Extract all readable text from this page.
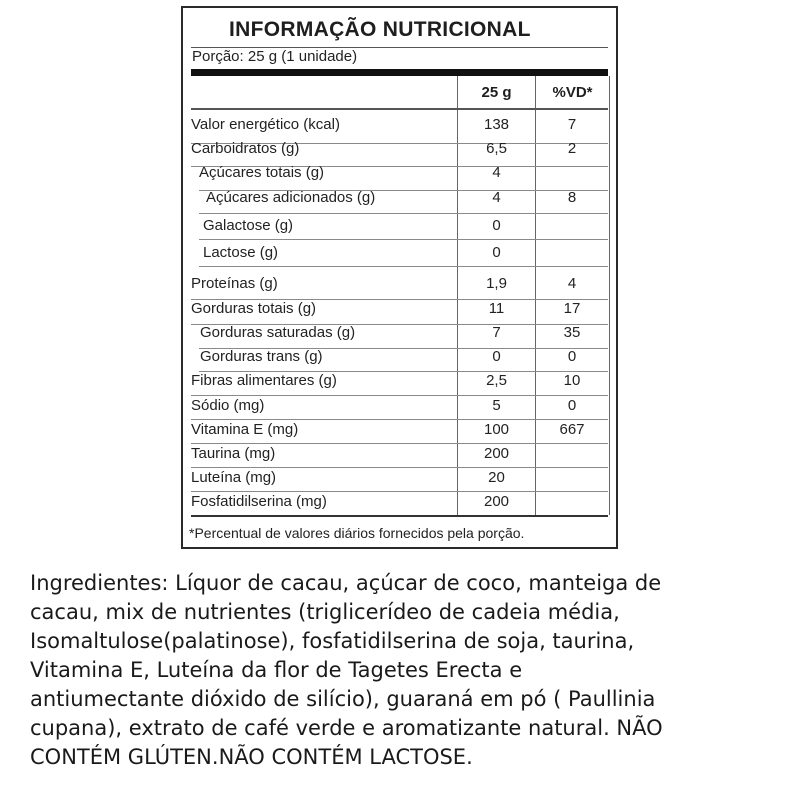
INFORMAÇÃO NUTRICIONAL
Porção: 25 g (1 unidade)
25 g	%VD*
Valor energético (kcal)	138	7
Carboidratos (g)	6,5	2
Açúcares totais (g)	4
Açúcares adicionados (g)	4	8
Galactose (g)	0
Lactose (g)	0
Proteínas (g)	1,9	4
Gorduras totais (g)	11	17
Gorduras saturadas (g)	7	35
Gorduras trans (g)	0	0
Fibras alimentares (g)	2,5	10
Sódio (mg)	5	0
Vitamina E (mg)	100	667
Taurina (mg)	200
Luteína (mg)	20
Fosfatidilserina (mg)	200
*Percentual de valores diários fornecidos pela porção.
Ingredientes: Líquor de cacau, açúcar de coco, manteiga de
cacau, mix de nutrientes (triglicerídeo de cadeia média,
Isomaltulose(palatinose), fosfatidilserina de soja, taurina,
Vitamina E, Luteína da flor de Tagetes Erecta e
antiumectante dióxido de silício), guaraná em pó ( Paullinia
cupana), extrato de café verde e aromatizante natural. NÃO
CONTÉM GLÚTEN.NÃO CONTÉM LACTOSE.
